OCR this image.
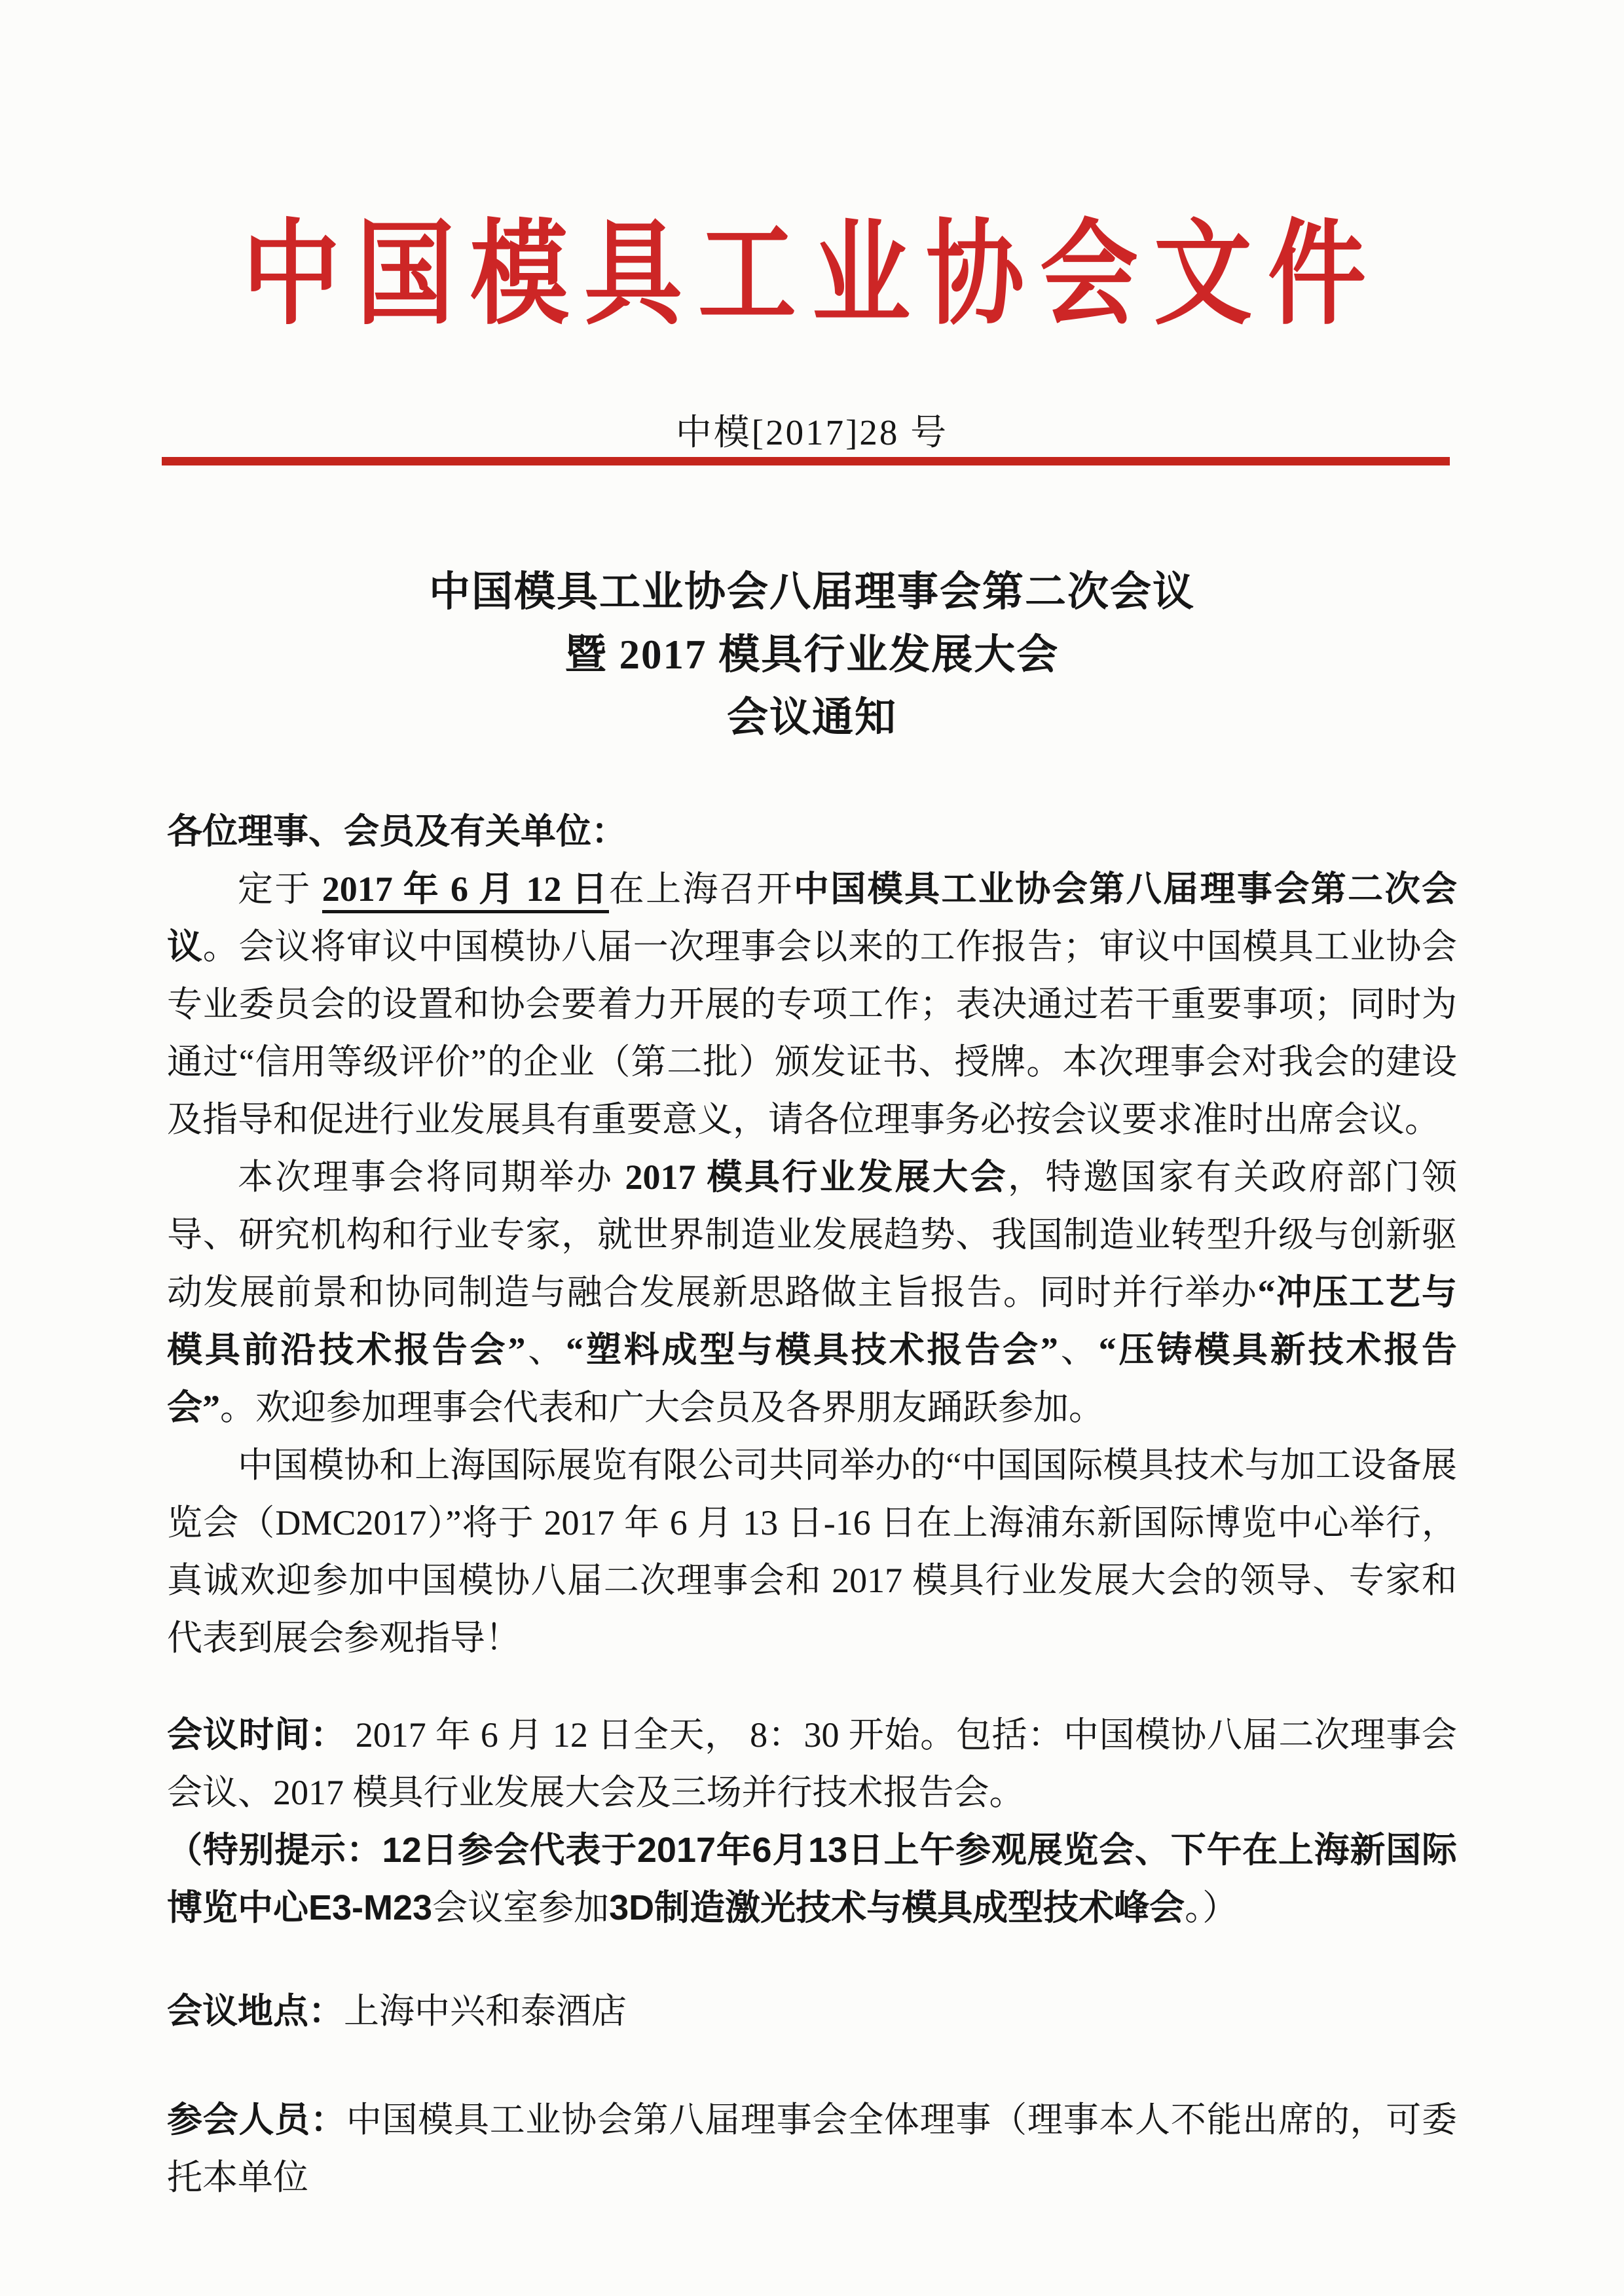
中国模具工业协会文件
中模[2017]28 号
中国模具工业协会八届理事会第二次会议
暨 2017 模具行业发展大会
会议通知

各位理事、会员及有关单位：

定于 2017 年 6 月 12 日在上海召开中国模具工业协会第八届理事会第二次会议。会议将审议中国模协八届一次理事会以来的工作报告；审议中国模具工业协会专业委员会的设置和协会要着力开展的专项工作；表决通过若干重要事项；同时为通过“信用等级评价”的企业（第二批）颁发证书、授牌。本次理事会对我会的建设及指导和促进行业发展具有重要意义，请各位理事务必按会议要求准时出席会议。

本次理事会将同期举办 2017 模具行业发展大会，特邀国家有关政府部门领导、研究机构和行业专家，就世界制造业发展趋势、我国制造业转型升级与创新驱动发展前景和协同制造与融合发展新思路做主旨报告。同时并行举办“冲压工艺与模具前沿技术报告会”、“塑料成型与模具技术报告会”、“压铸模具新技术报告会”。欢迎参加理事会代表和广大会员及各界朋友踊跃参加。

中国模协和上海国际展览有限公司共同举办的“中国国际模具技术与加工设备展览会（DMC2017）”将于 2017 年 6 月 13 日-16 日在上海浦东新国际博览中心举行，真诚欢迎参加中国模协八届二次理事会和 2017 模具行业发展大会的领导、专家和代表到展会参观指导！

会议时间： 2017 年 6 月 12 日全天， 8：30 开始。包括：中国模协八届二次理事会会议、2017 模具行业发展大会及三场并行技术报告会。

（特别提示：12日参会代表于2017年6月13日上午参观展览会、下午在上海新国际博览中心E3-M23会议室参加3D制造激光技术与模具成型技术峰会。）

会议地点：上海中兴和泰酒店

参会人员：中国模具工业协会第八届理事会全体理事（理事本人不能出席的，可委托本单位
